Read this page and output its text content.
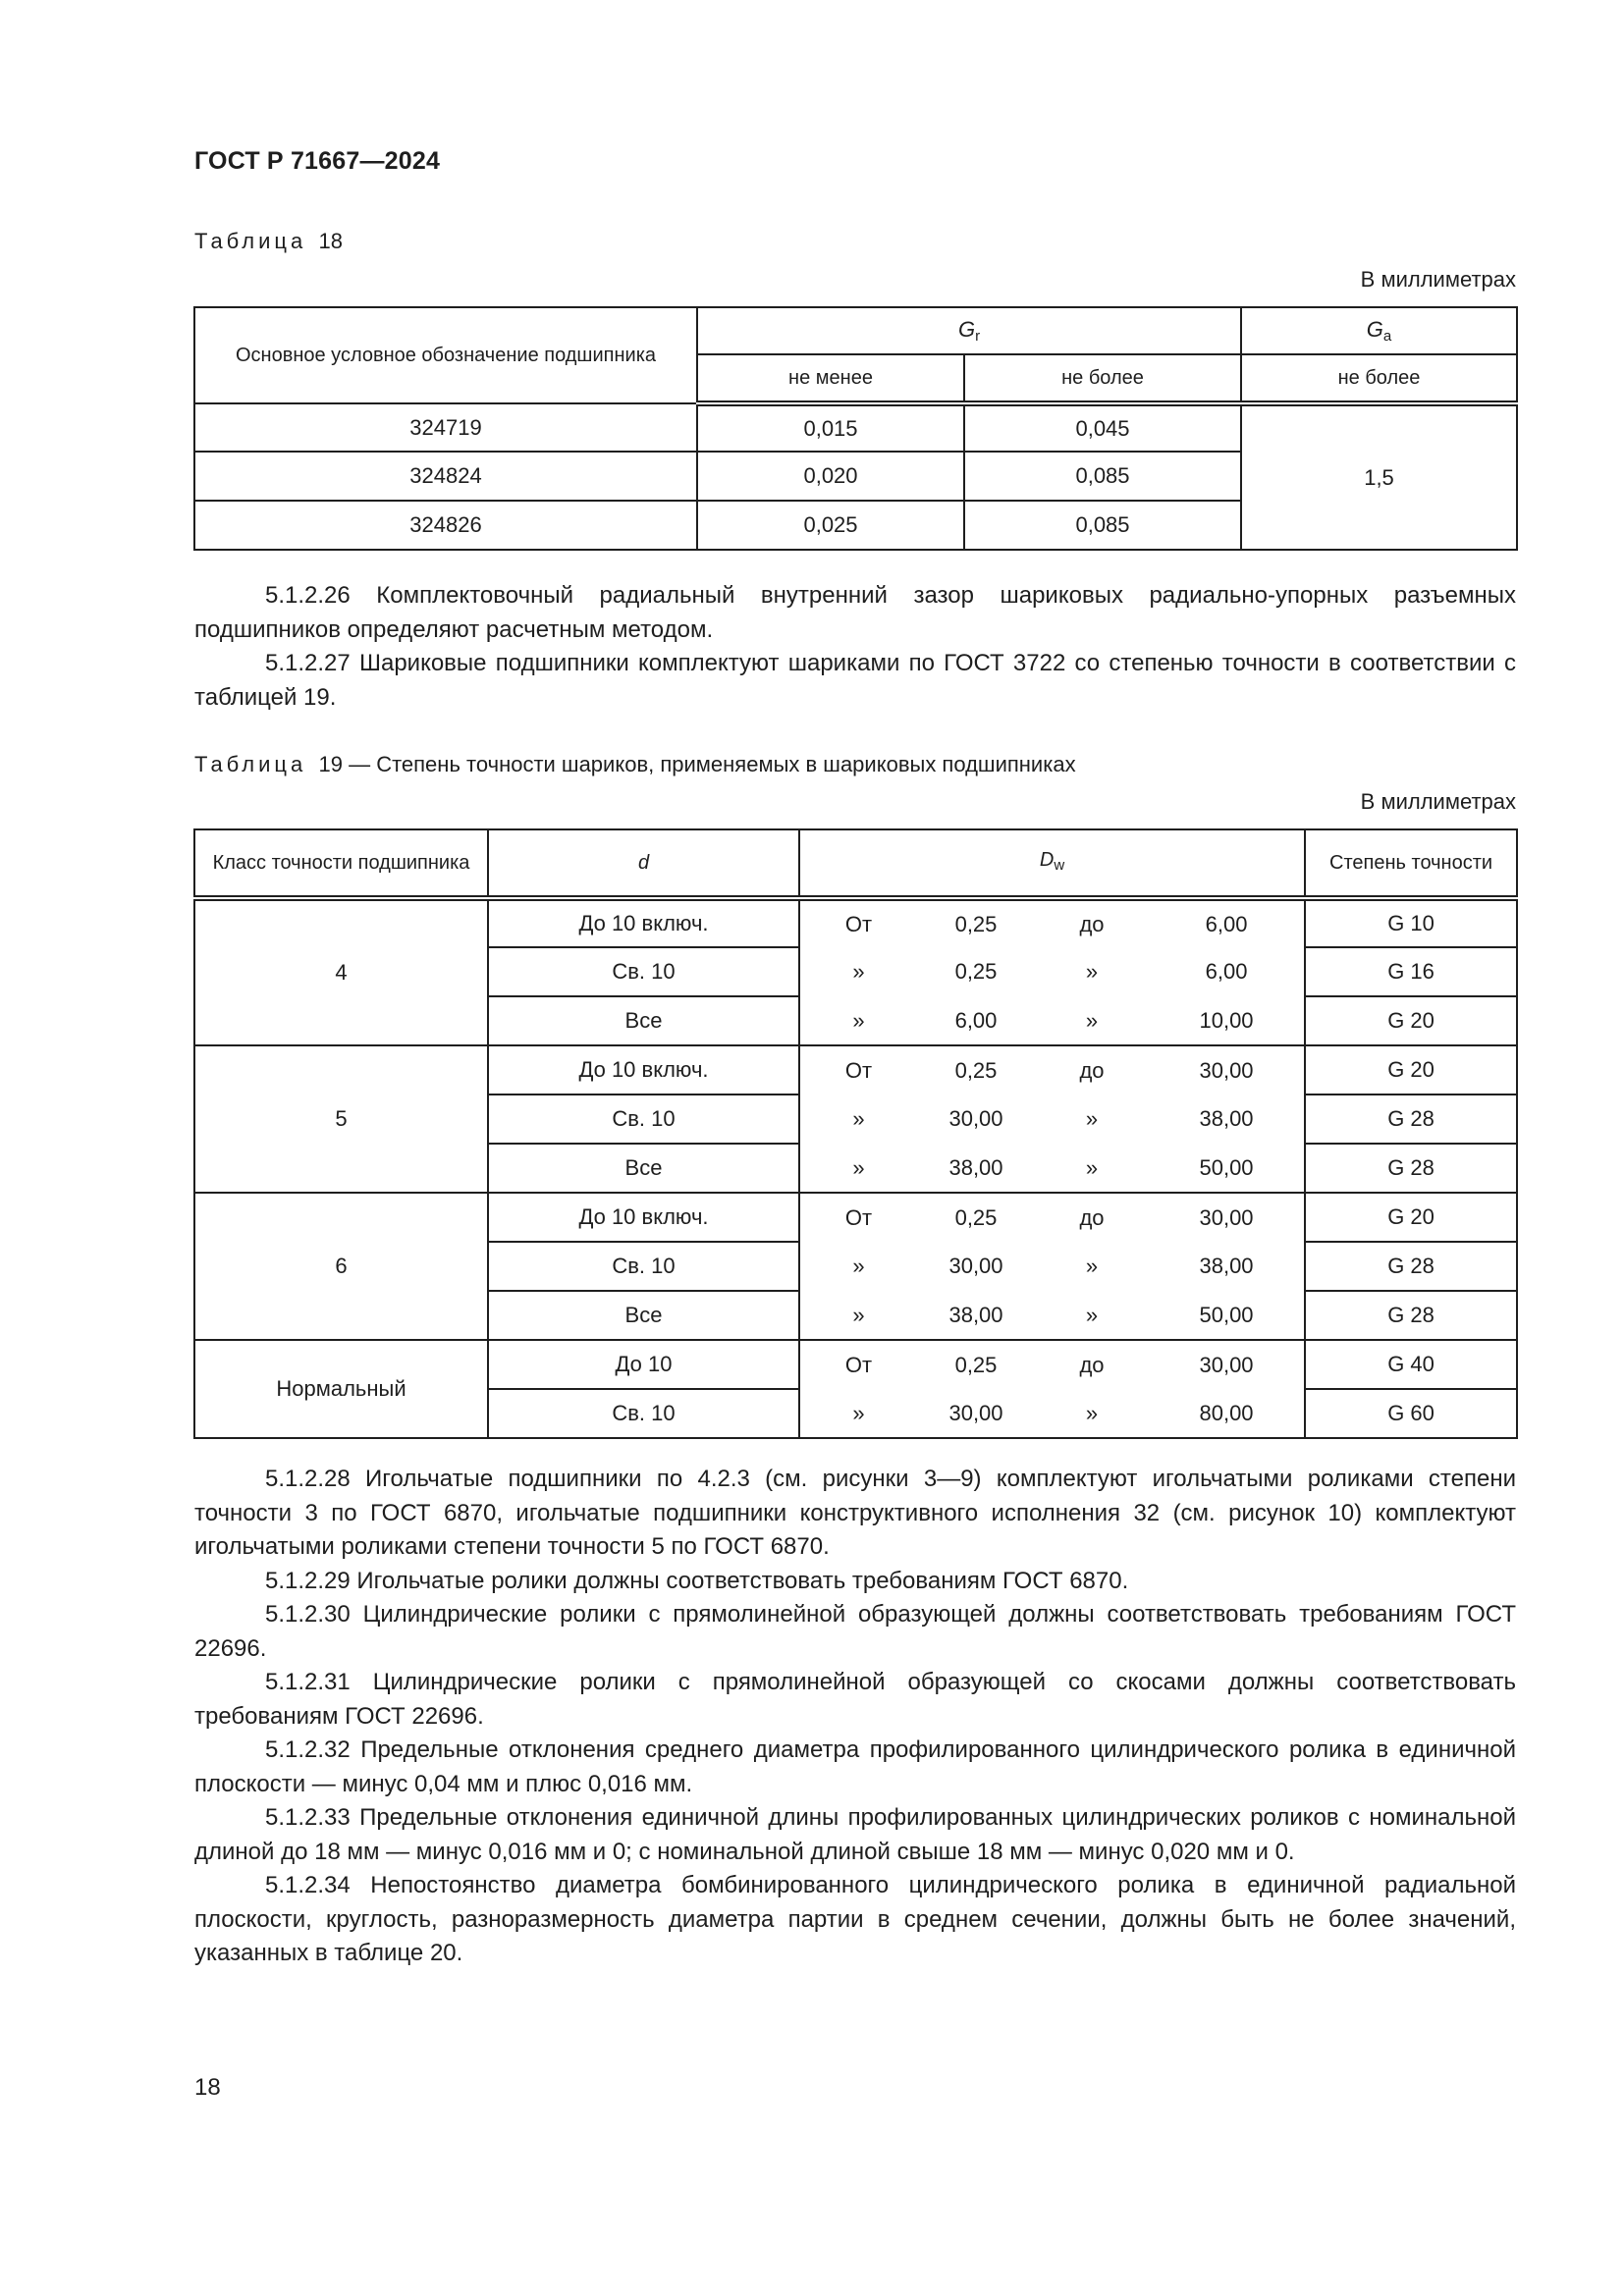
ГОСТ Р 71667—2024
Таблица 18
В миллиметрах
Основное условное обозначение подшипника	$G_r$		$G_a$
	не менее	не более	не более
324719	0,015	0,045	1,5
324824	0,020	0,085	
324826	0,025	0,085	

5.1.2.26 Комплектовочный радиальный внутренний зазор шариковых радиально-упорных разъемных подшипников определяют расчетным методом.

5.1.2.27 Шариковые подшипники комплектуют шариками по ГОСТ 3722 со степенью точности в соответствии с таблицей 19.

Таблица 19 — Степень точности шариков, применяемых в шариковых подшипниках
В миллиметрах
Класс точности подшипника	d	$D_w$				Степень точности
4	До 10 включ.	От	0,25	до	6,00	G 10
	Св. 10	»	0,25	»	6,00	G 16
	Все	»	6,00	»	10,00	G 20
5	До 10 включ.	От	0,25	до	30,00	G 20
	Св. 10	»	30,00	»	38,00	G 28
	Все	»	38,00	»	50,00	G 28
6	До 10 включ.	От	0,25	до	30,00	G 20
	Св. 10	»	30,00	»	38,00	G 28
	Все	»	38,00	»	50,00	G 28
Нормальный	До 10	От	0,25	до	30,00	G 40
	Св. 10	»	30,00	»	80,00	G 60

5.1.2.28 Игольчатые подшипники по 4.2.3 (см. рисунки 3—9) комплектуют игольчатыми роликами степени точности 3 по ГОСТ 6870, игольчатые подшипники конструктивного исполнения 32 (см. рисунок 10) комплектуют игольчатыми роликами степени точности 5 по ГОСТ 6870.

5.1.2.29 Игольчатые ролики должны соответствовать требованиям ГОСТ 6870.

5.1.2.30 Цилиндрические ролики с прямолинейной образующей должны соответствовать требованиям ГОСТ 22696.

5.1.2.31 Цилиндрические ролики с прямолинейной образующей со скосами должны соответствовать требованиям ГОСТ 22696.

5.1.2.32 Предельные отклонения среднего диаметра профилированного цилиндрического ролика в единичной плоскости — минус 0,04 мм и плюс 0,016 мм.

5.1.2.33 Предельные отклонения единичной длины профилированных цилиндрических роликов с номинальной длиной до 18 мм — минус 0,016 мм и 0; с номинальной длиной свыше 18 мм — минус 0,020 мм и 0.

5.1.2.34 Непостоянство диаметра бомбинированного цилиндрического ролика в единичной радиальной плоскости, круглость, разноразмерность диаметра партии в среднем сечении, должны быть не более значений, указанных в таблице 20.

18
